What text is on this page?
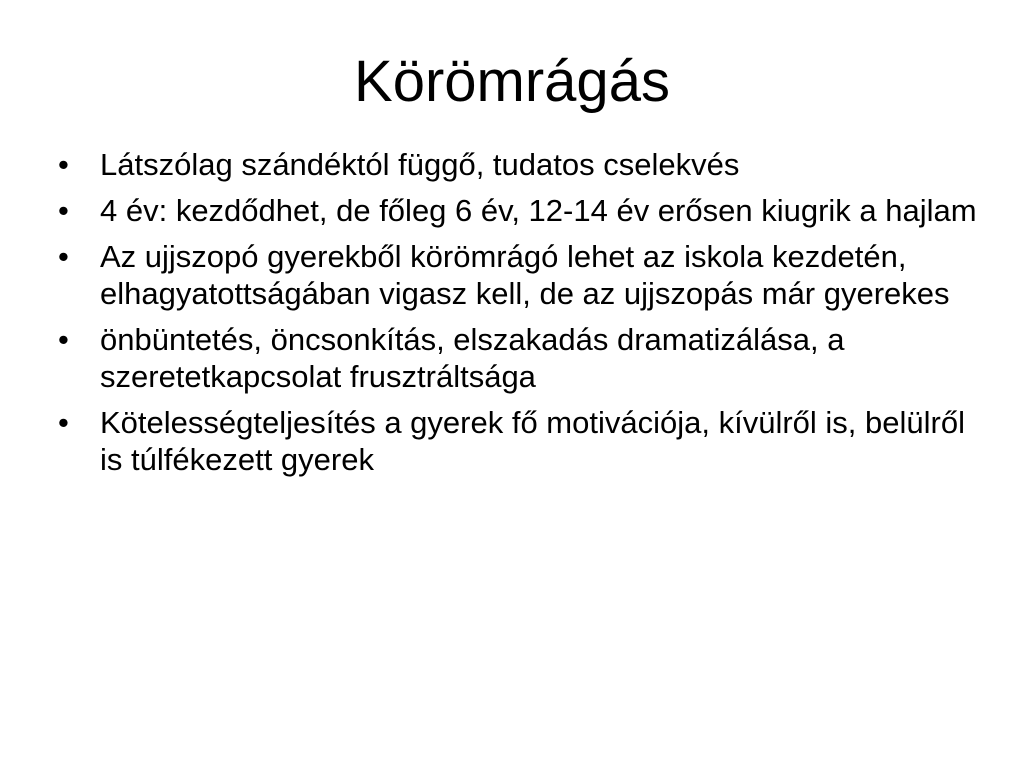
Körömrágás
•	Látszólag szándéktól függő, tudatos cselekvés
•	4 év: kezdődhet, de főleg 6 év, 12-14 év erősen kiugrik a hajlam
•	Az ujjszopó gyerekből körömrágó lehet az iskola kezdetén, elhagyatottságában vigasz kell, de az ujjszopás már gyerekes
•	önbüntetés, öncsonkítás, elszakadás dramatizálása, a szeretetkapcsolat frusztráltsága
•	Kötelességteljesítés a gyerek fő motivációja, kívülről is, belülről is túlfékezett gyerek
